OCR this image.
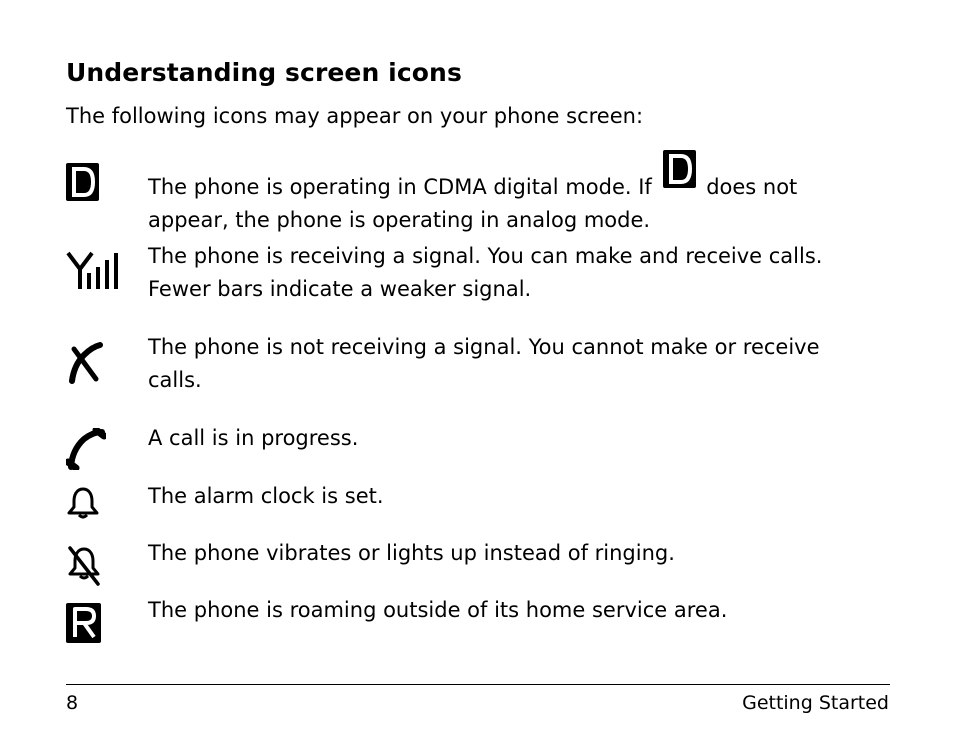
Understanding screen icons

The following icons may appear on your phone screen:

The phone is operating in CDMA digital mode. If	does not appear, the phone is operating in analog mode.

The phone is receiving a signal. You can make and receive calls. Fewer bars indicate a weaker signal.

The phone is not receiving a signal. You cannot make or receive calls.

A call is in progress.

The alarm clock is set.

The phone vibrates or lights up instead of ringing.

The phone is roaming outside of its home service area.

8	Getting Started
